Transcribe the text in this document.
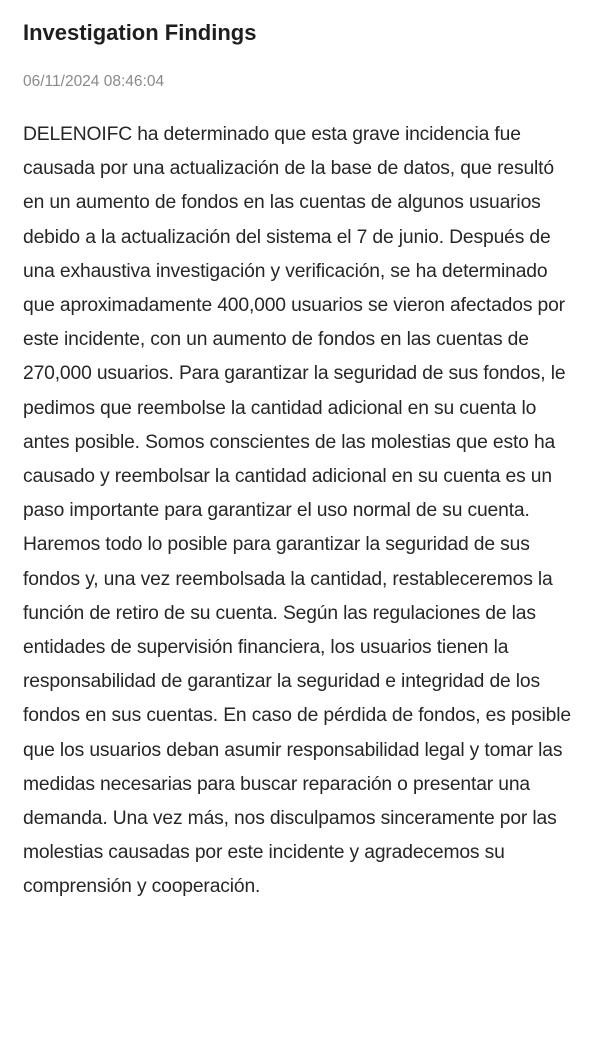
Investigation Findings
06/11/2024 08:46:04

DELENOIFC ha determinado que esta grave incidencia fue causada por una actualización de la base de datos, que resultó en un aumento de fondos en las cuentas de algunos usuarios debido a la actualización del sistema el 7 de junio. Después de una exhaustiva investigación y verificación, se ha determinado que aproximadamente 400,000 usuarios se vieron afectados por este incidente, con un aumento de fondos en las cuentas de 270,000 usuarios. Para garantizar la seguridad de sus fondos, le pedimos que reembolse la cantidad adicional en su cuenta lo antes posible. Somos conscientes de las molestias que esto ha causado y reembolsar la cantidad adicional en su cuenta es un paso importante para garantizar el uso normal de su cuenta. Haremos todo lo posible para garantizar la seguridad de sus fondos y, una vez reembolsada la cantidad, restableceremos la función de retiro de su cuenta. Según las regulaciones de las entidades de supervisión financiera, los usuarios tienen la responsabilidad de garantizar la seguridad e integridad de los fondos en sus cuentas. En caso de pérdida de fondos, es posible que los usuarios deban asumir responsabilidad legal y tomar las medidas necesarias para buscar reparación o presentar una demanda. Una vez más, nos disculpamos sinceramente por las molestias causadas por este incidente y agradecemos su comprensión y cooperación.
